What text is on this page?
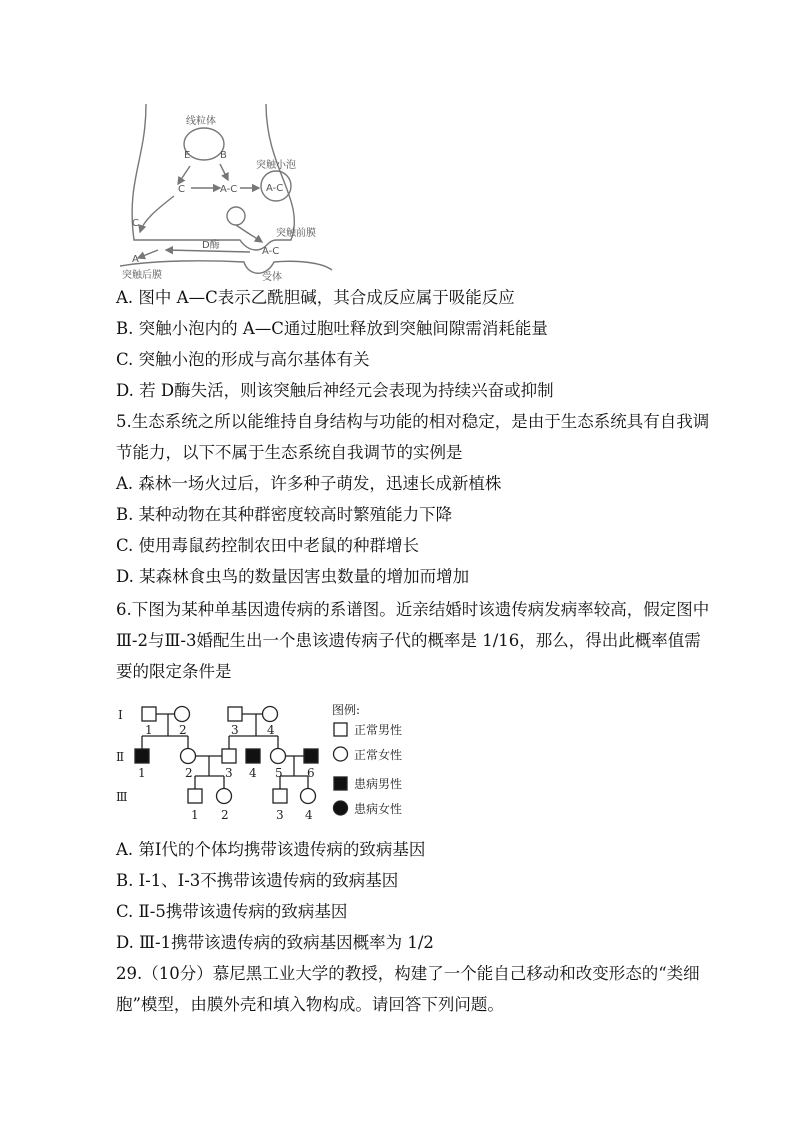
线粒体
E	B
突触小泡
C	A-C	A-C
C
突触前膜
D酶
A
A-C
突触后膜	受体
A. 图中 A—C表示乙酰胆碱，其合成反应属于吸能反应
B. 突触小泡内的 A—C通过胞吐释放到突触间隙需消耗能量
C. 突触小泡的形成与高尔基体有关
D. 若 D酶失活，则该突触后神经元会表现为持续兴奋或抑制
5.生态系统之所以能维持自身结构与功能的相对稳定，是由于生态系统具有自我调
节能力，以下不属于生态系统自我调节的实例是
A. 森林一场火过后，许多种子萌发，迅速长成新植株
B. 某种动物在其种群密度较高时繁殖能力下降
C. 使用毒鼠药控制农田中老鼠的种群增长
D. 某森林食虫鸟的数量因害虫数量的增加而增加
6.下图为某种单基因遗传病的系谱图。近亲结婚时该遗传病发病率较高，假定图中
Ⅲ-2与Ⅲ-3婚配生出一个患该遗传病子代的概率是 1/16，那么，得出此概率值需
要的限定条件是
Ⅰ
Ⅱ
Ⅲ
1 2	3 4
1	2	3 4 5 6
1 2	3 4
图例:
正常男性
正常女性
患病男性
患病女性
A. 第Ⅰ代的个体均携带该遗传病的致病基因
B. Ⅰ-1、Ⅰ-3不携带该遗传病的致病基因
C. Ⅱ-5携带该遗传病的致病基因
D. Ⅲ-1携带该遗传病的致病基因概率为 1/2
29.（10分）慕尼黑工业大学的教授，构建了一个能自己移动和改变形态的“类细
胞”模型，由膜外壳和填入物构成。请回答下列问题。
